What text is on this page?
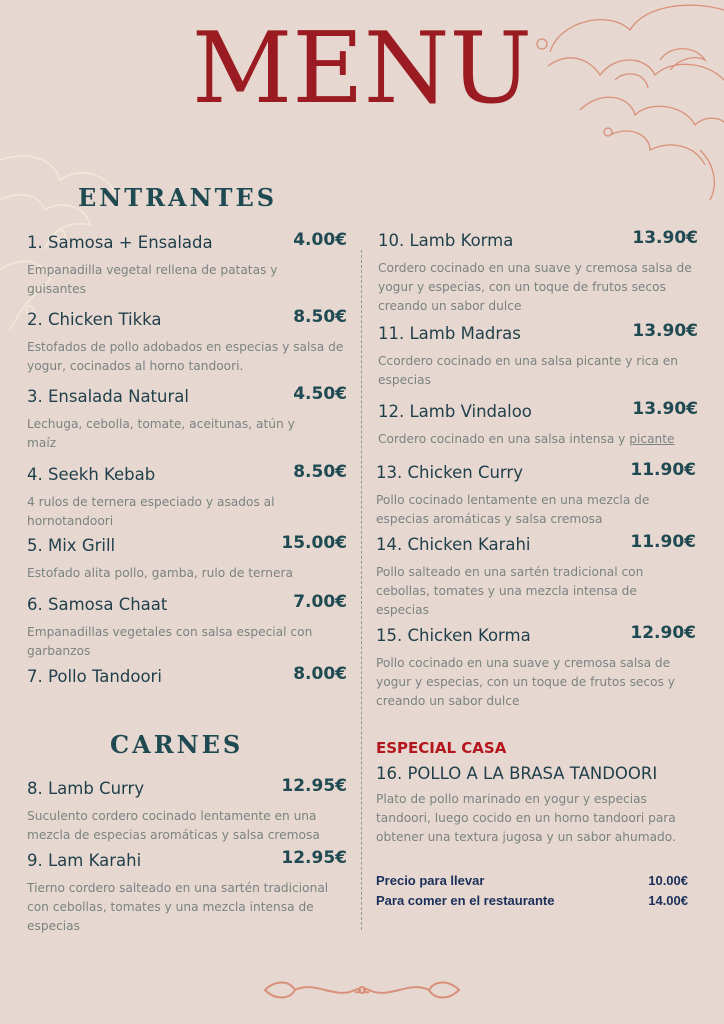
MENU
ENTRANTES
CARNES
1. Samosa + Ensalada	4.00€
Empanadilla vegetal rellena de patatas y guisantes
2. Chicken Tikka	8.50€
Estofados de pollo adobados en especias y salsa de yogur, cocinados al horno tandoori.
3. Ensalada Natural	4.50€
Lechuga, cebolla, tomate, aceitunas, atún y maíz
4. Seekh Kebab	8.50€
4 rulos de ternera especiado y asados al hornotandoori
5. Mix Grill	15.00€
Estofado alita pollo, gamba, rulo de ternera
6. Samosa Chaat	7.00€
Empanadillas vegetales con salsa especial con garbanzos
7. Pollo Tandoori	8.00€
8. Lamb Curry	12.95€
Suculento cordero cocinado lentamente en una mezcla de especias aromáticas y salsa cremosa
9. Lam Karahi	12.95€
Tierno cordero salteado en una sartén tradicional con cebollas, tomates y una mezcla intensa de especias
10. Lamb Korma	13.90€
Cordero cocinado en una suave y cremosa salsa de yogur y especias, con un toque de frutos secos creando un sabor dulce
11. Lamb Madras	13.90€
Ccordero cocinado en una salsa picante y rica en especias
12. Lamb Vindaloo	13.90€
Cordero cocinado en una salsa intensa y picante
13. Chicken Curry	11.90€
Pollo cocinado lentamente en una mezcla de especias aromáticas y salsa cremosa
14. Chicken Karahi	11.90€
Pollo salteado en una sartén tradicional con cebollas, tomates y una mezcla intensa de especias
15. Chicken Korma	12.90€
Pollo cocinado en una suave y cremosa salsa de yogur y especias, con un toque de frutos secos y creando un sabor dulce
ESPECIAL CASA
16. POLLO A LA BRASA TANDOORI
Plato de pollo marinado en yogur y especias tandoori, luego cocido en un horno tandoori para obtener una textura jugosa y un sabor ahumado.
Precio para llevar	10.00€
Para comer en el restaurante	14.00€
